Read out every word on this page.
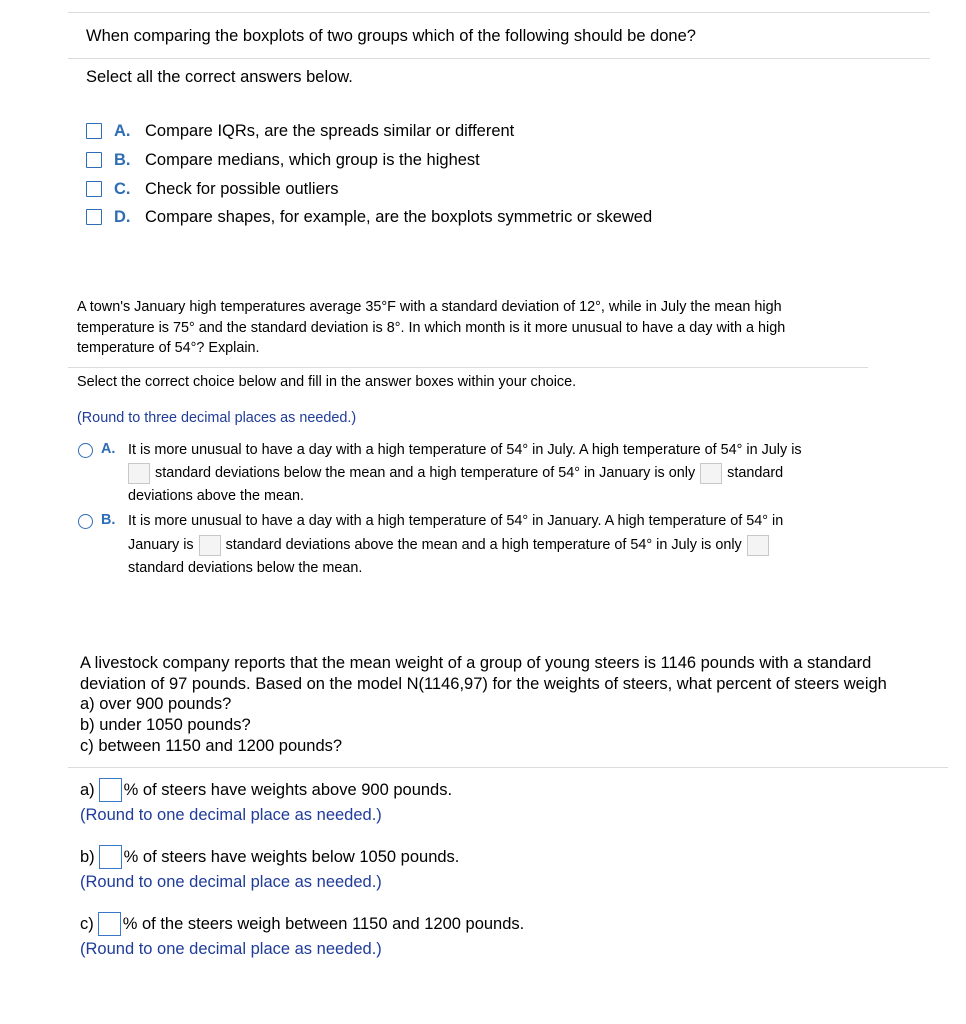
When comparing the boxplots of two groups which of the following should be done?
Select all the correct answers below.
A. Compare IQRs, are the spreads similar or different
B. Compare medians, which group is the highest
C. Check for possible outliers
D. Compare shapes, for example, are the boxplots symmetric or skewed
A town's January high temperatures average 35°F with a standard deviation of 12°, while in July the mean high
temperature is 75° and the standard deviation is 8°. In which month is it more unusual to have a day with a high
temperature of 54°? Explain.
Select the correct choice below and fill in the answer boxes within your choice.
(Round to three decimal places as needed.)
A. It is more unusual to have a day with a high temperature of 54° in July. A high temperature of 54° in July is
standard deviations below the mean and a high temperature of 54° in January is only standard
deviations above the mean.
B. It is more unusual to have a day with a high temperature of 54° in January. A high temperature of 54° in
January is standard deviations above the mean and a high temperature of 54° in July is only
standard deviations below the mean.
A livestock company reports that the mean weight of a group of young steers is 1146 pounds with a standard
deviation of 97 pounds. Based on the model N(1146,97) for the weights of steers, what percent of steers weigh
a) over 900 pounds?
b) under 1050 pounds?
c) between 1150 and 1200 pounds?
a) % of steers have weights above 900 pounds.
(Round to one decimal place as needed.)
b) % of steers have weights below 1050 pounds.
(Round to one decimal place as needed.)
c) % of the steers weigh between 1150 and 1200 pounds.
(Round to one decimal place as needed.)
